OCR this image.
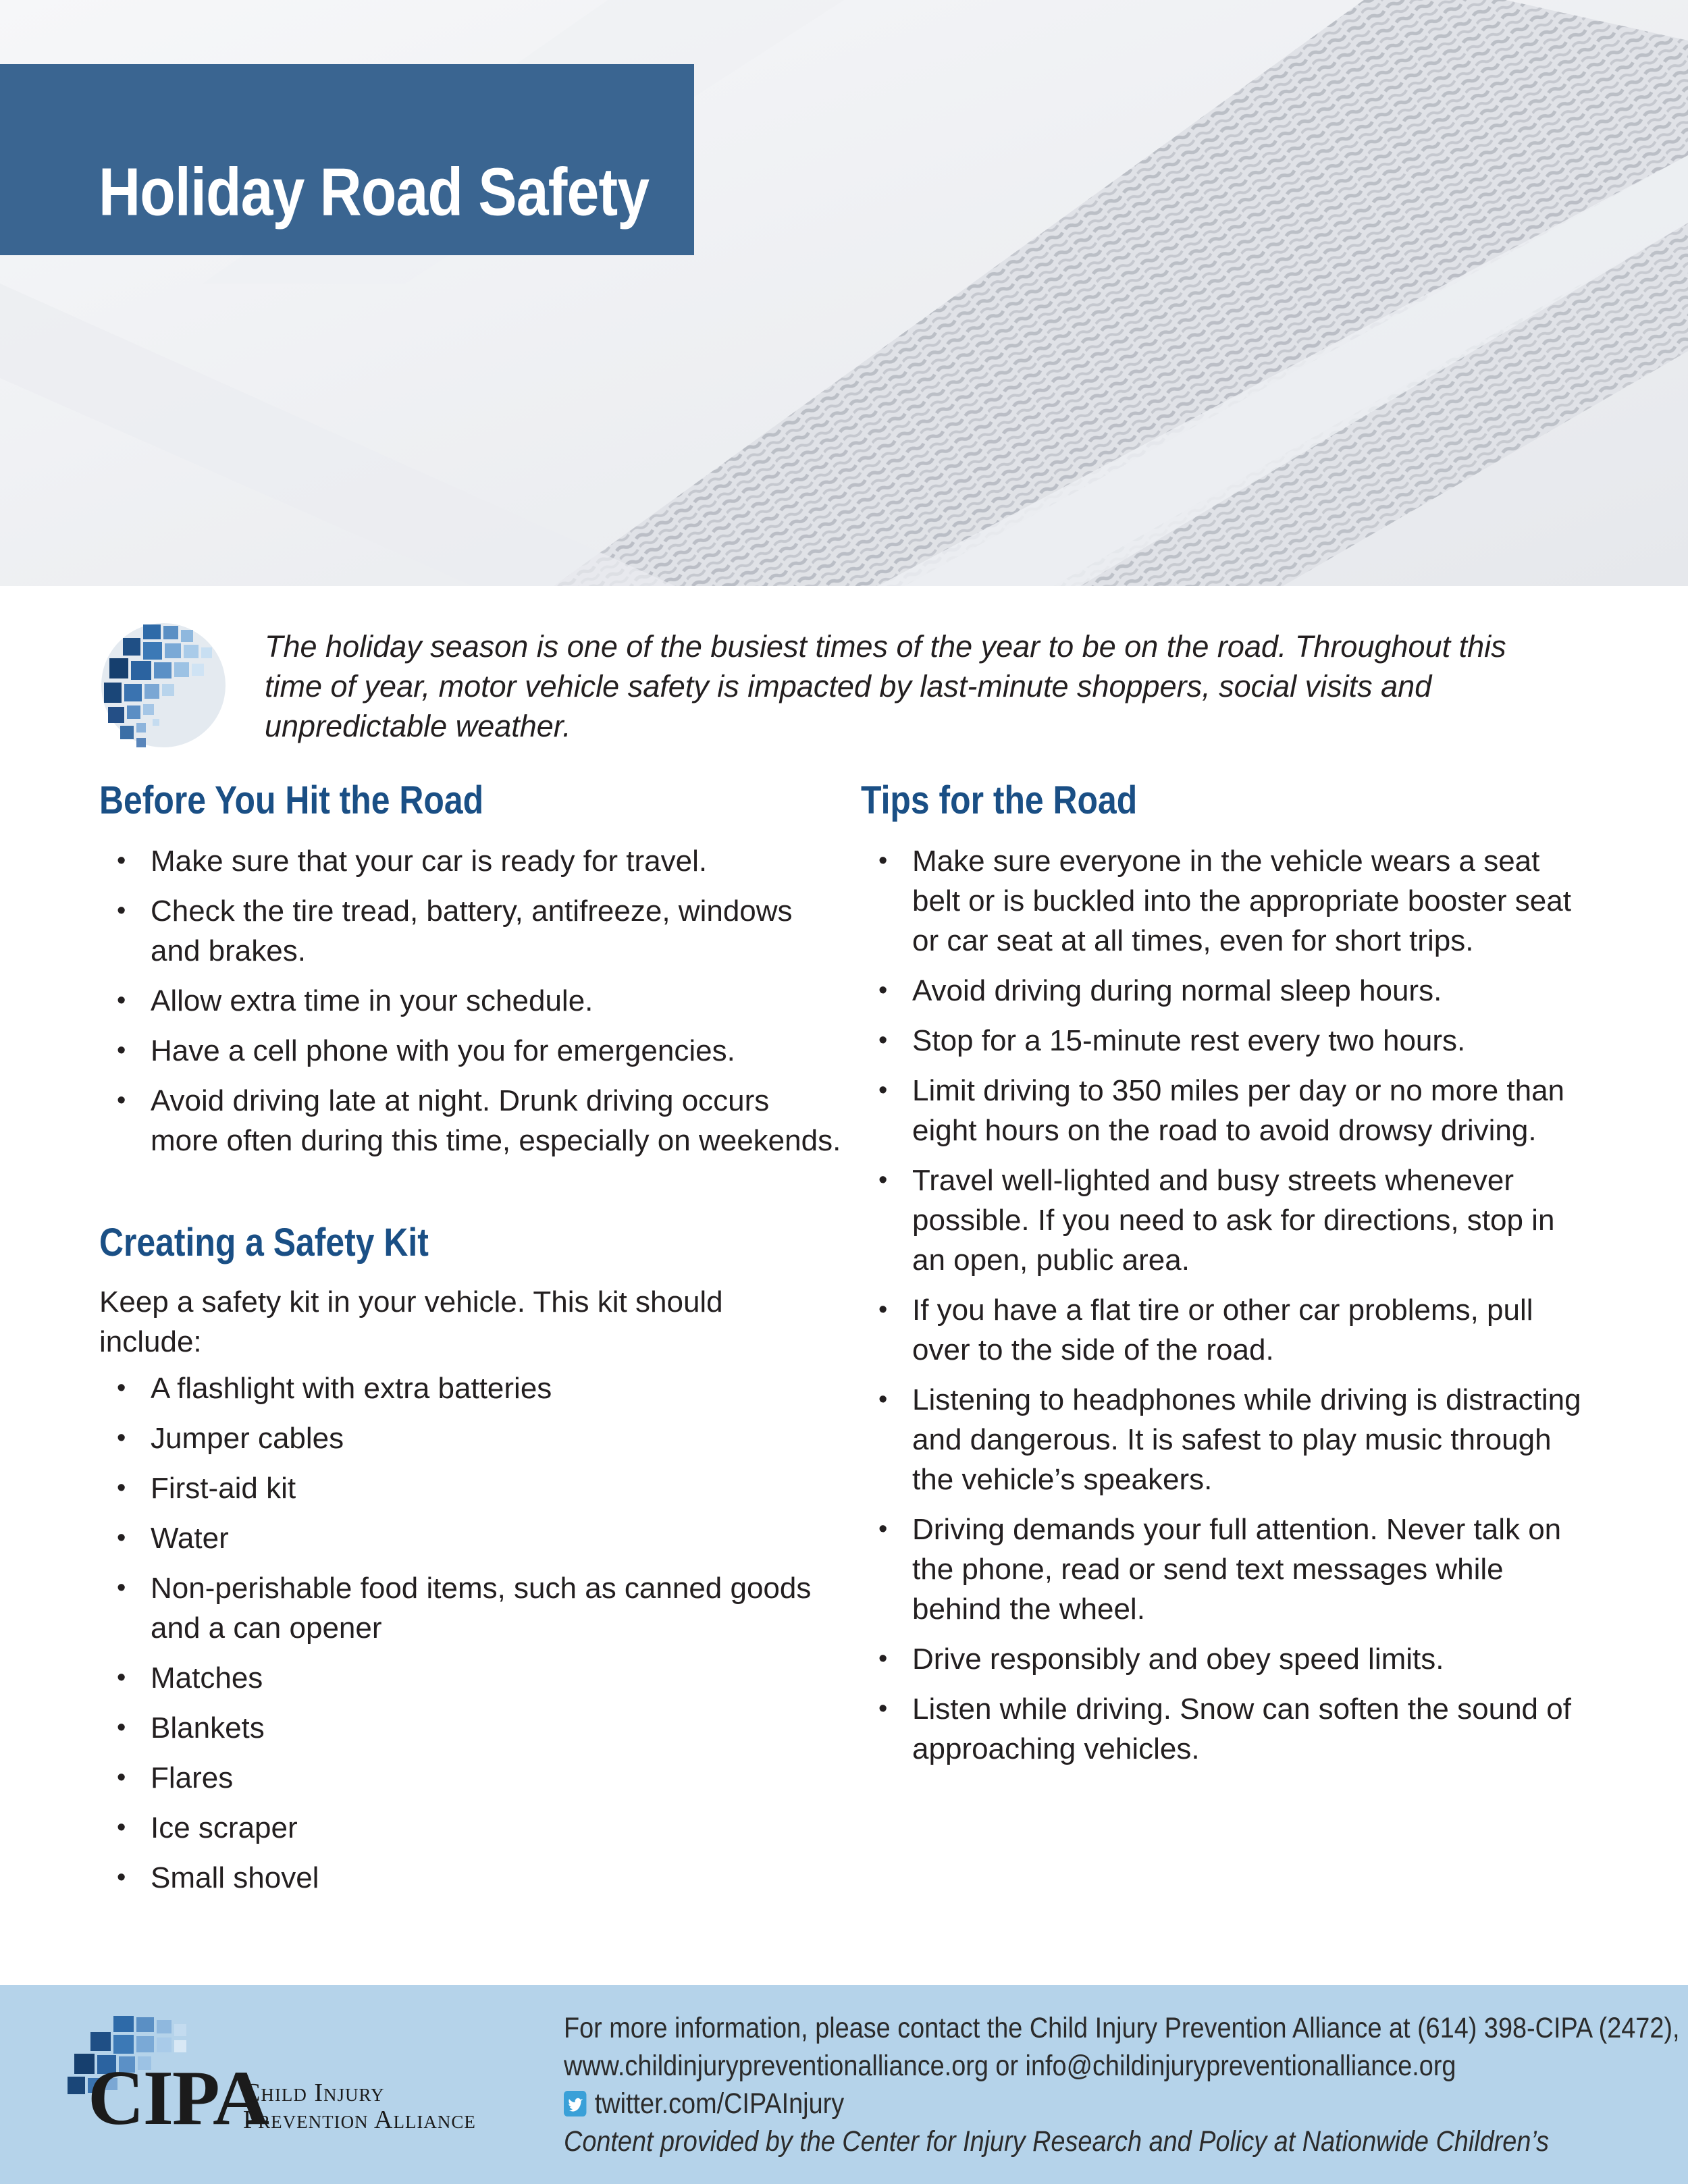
Holiday Road Safety

The holiday season is one of the busiest times of the year to be on the road. Throughout this time of year, motor vehicle safety is impacted by last-minute shoppers, social visits and unpredictable weather.

Before You Hit the Road
• Make sure that your car is ready for travel.
• Check the tire tread, battery, antifreeze, windows and brakes.
• Allow extra time in your schedule.
• Have a cell phone with you for emergencies.
• Avoid driving late at night. Drunk driving occurs more often during this time, especially on weekends.
Creating a Safety Kit

Keep a safety kit in your vehicle. This kit should include:

• A flashlight with extra batteries
• Jumper cables
• First-aid kit
• Water
• Non-perishable food items, such as canned goods and a can opener
• Matches
• Blankets
• Flares
• Ice scraper
• Small shovel
Tips for the Road
• Make sure everyone in the vehicle wears a seat belt or is buckled into the appropriate booster seat or car seat at all times, even for short trips.
• Avoid driving during normal sleep hours.
• Stop for a 15-minute rest every two hours.
• Limit driving to 350 miles per day or no more than eight hours on the road to avoid drowsy driving.
• Travel well-lighted and busy streets whenever possible. If you need to ask for directions, stop in an open, public area.
• If you have a flat tire or other car problems, pull over to the side of the road.
• Listening to headphones while driving is distracting and dangerous. It is safest to play music through the vehicle’s speakers.
• Driving demands your full attention. Never talk on the phone, read or send text messages while behind the wheel.
• Drive responsibly and obey speed limits.
• Listen while driving. Snow can soften the sound of approaching vehicles.
CIPA
Child Injury
Prevention Alliance
For more information, please contact the Child Injury Prevention Alliance at (614) 398-CIPA (2472),
www.childinjurypreventionalliance.org or info@childinjurypreventionalliance.org
twitter.com/CIPAInjury
Content provided by the Center for Injury Research and Policy at Nationwide Children’s
